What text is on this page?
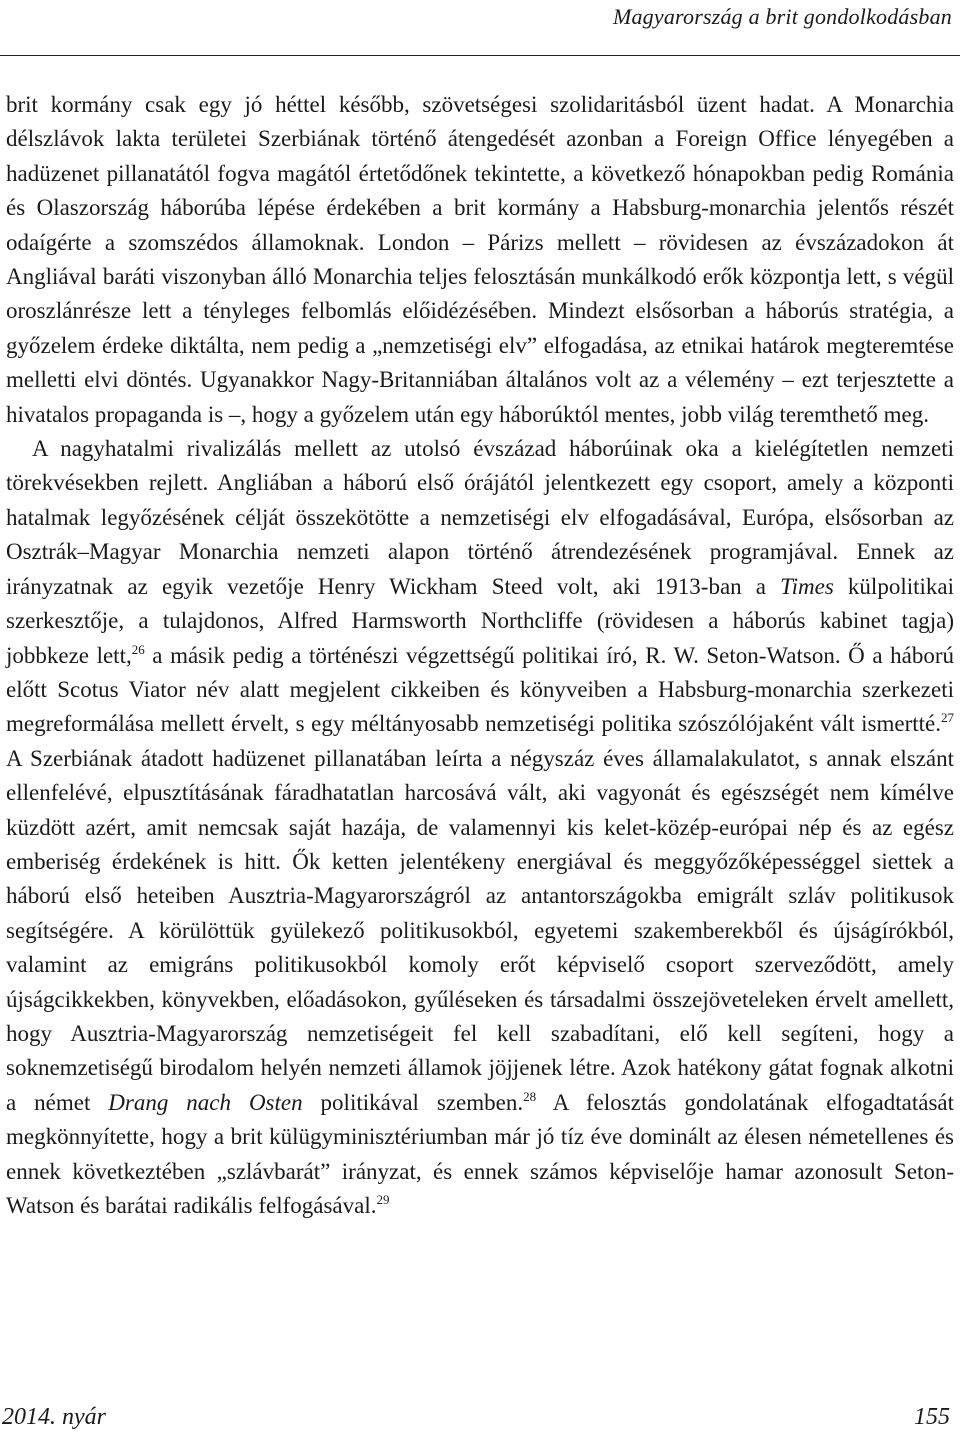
Magyarország a brit gondolkodásban

brit kormány csak egy jó héttel később, szövetségesi szolidaritásból üzent hadat. A Monarchia délszlávok lakta területei Szerbiának történő átengedését azonban a Foreign Office lényegében a hadüzenet pillanatától fogva magától értetődőnek tekintette, a következő hónapokban pedig Románia és Olaszország háborúba lépése érdekében a brit kormány a Habsburg-monarchia jelentős részét odaígérte a szomszédos államoknak. London – Párizs mellett – rövidesen az évszázadokon át Angliával baráti viszonyban álló Monarchia teljes felosztásán munkálkodó erők központja lett, s végül oroszlánrésze lett a tényleges felbomlás előidézésében. Mindezt elsősorban a háborús stratégia, a győzelem érdeke diktálta, nem pedig a „nemzetiségi elv” elfogadása, az etnikai határok megteremtése melletti elvi döntés. Ugyanakkor Nagy-Britanniában általános volt az a vélemény – ezt terjesztette a hivatalos propaganda is –, hogy a győzelem után egy háborúktól mentes, jobb világ teremthető meg.

A nagyhatalmi rivalizálás mellett az utolsó évszázad háborúinak oka a kielégítetlen nemzeti törekvésekben rejlett. Angliában a háború első órájától jelentkezett egy csoport, amely a központi hatalmak legyőzésének célját összekötötte a nemzetiségi elv elfogadásával, Európa, elsősorban az Osztrák–Magyar Monarchia nemzeti alapon történő átrendezésének programjával. Ennek az irányzatnak az egyik vezetője Henry Wickham Steed volt, aki 1913-ban a Times külpolitikai szerkesztője, a tulajdonos, Alfred Harmsworth Northcliffe (rövidesen a háborús kabinet tagja) jobbkeze lett,$^{26}$ a másik pedig a történészi végzettségű politikai író, R. W. Seton-Watson. Ő a háború előtt Scotus Viator név alatt megjelent cikkeiben és könyveiben a Habsburg-monarchia szerkezeti megreformálása mellett érvelt, s egy méltányosabb nemzetiségi politika szószólójaként vált ismertté.$^{27}$ A Szerbiának átadott hadüzenet pillanatában leírta a négyszáz éves államalakulatot, s annak elszánt ellenfelévé, elpusztításának fáradhatatlan harcosává vált, aki vagyonát és egészségét nem kímélve küzdött azért, amit nemcsak saját hazája, de valamennyi kis kelet-közép-európai nép és az egész emberiség érdekének is hitt. Ők ketten jelentékeny energiával és meggyőzőképességgel siettek a háború első heteiben Ausztria-Magyarországról az antantországokba emigrált szláv politikusok segítségére. A körülöttük gyülekező politikusokból, egyetemi szakemberekből és újságírókból, valamint az emigráns politikusokból komoly erőt képviselő csoport szerveződött, amely újságcikkekben, könyvekben, előadásokon, gyűléseken és társadalmi összejöveteleken érvelt amellett, hogy Ausztria-Magyarország nemzetiségeit fel kell szabadítani, elő kell segíteni, hogy a soknemzetiségű birodalom helyén nemzeti államok jöjjenek létre. Azok hatékony gátat fognak alkotni a német Drang nach Osten politikával szemben.$^{28}$ A felosztás gondolatának elfogadtatását megkönnyítette, hogy a brit külügyminisztériumban már jó tíz éve dominált az élesen németellenes és ennek következtében „szlávbarát” irányzat, és ennek számos képviselője hamar azonosult Seton-Watson és barátai radikális felfogásával.$^{29}$

2014. nyár	155
